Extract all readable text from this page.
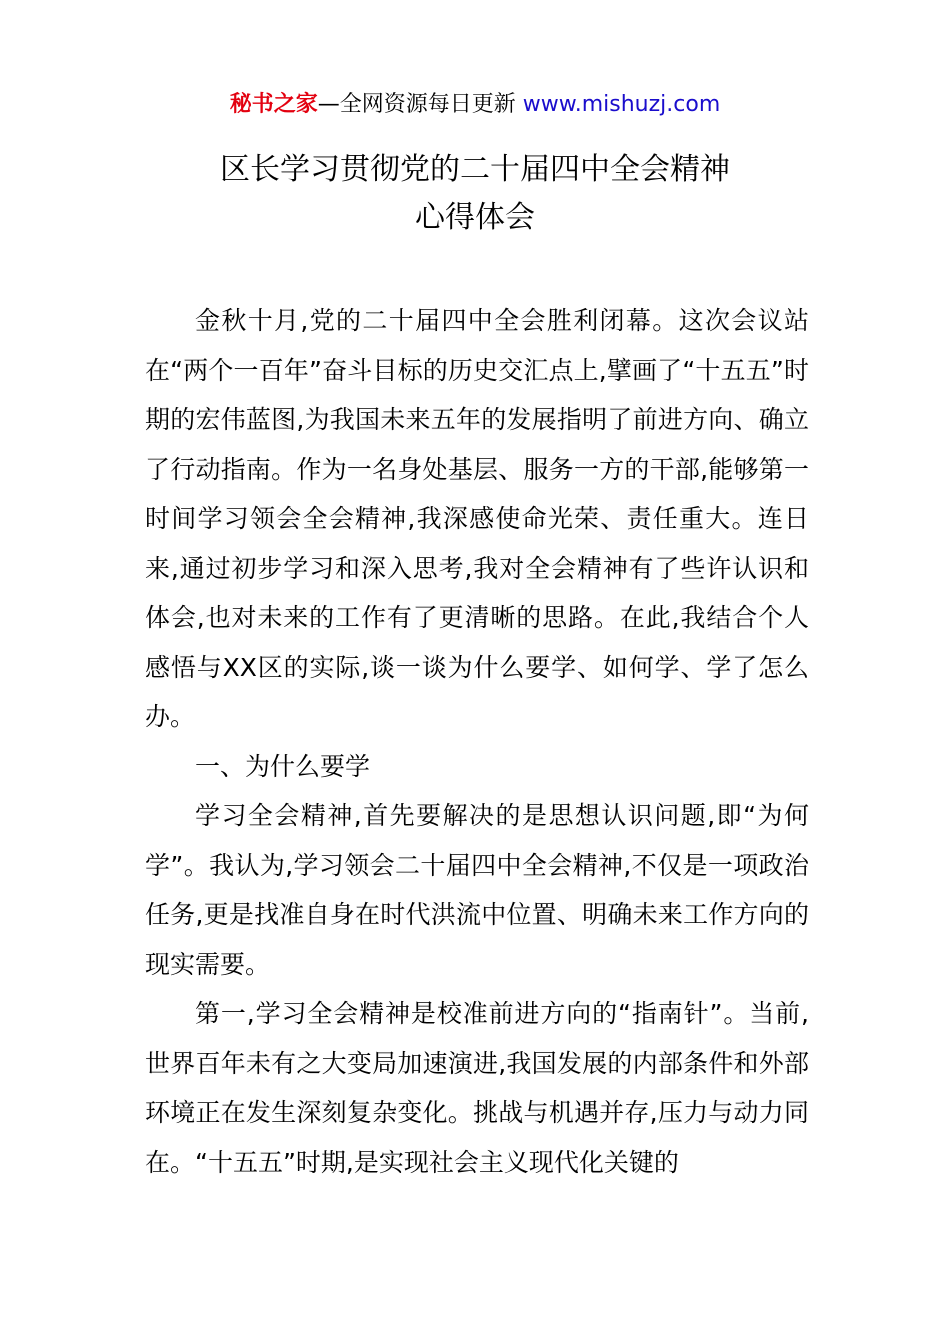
秘书之家—全网资源每日更新 www.mishuzj.com
区长学习贯彻党的二十届四中全会精神
心得体会

金秋十月,党的二十届四中全会胜利闭幕。这次会议站在“两个一百年”奋斗目标的历史交汇点上,擘画了“十五五”时期的宏伟蓝图,为我国未来五年的发展指明了前进方向、确立了行动指南。作为一名身处基层、服务一方的干部,能够第一时间学习领会全会精神,我深感使命光荣、责任重大。连日来,通过初步学习和深入思考,我对全会精神有了些许认识和体会,也对未来的工作有了更清晰的思路。在此,我结合个人感悟与XX区的实际,谈一谈为什么要学、如何学、学了怎么办。

一、为什么要学

学习全会精神,首先要解决的是思想认识问题,即“为何学”。我认为,学习领会二十届四中全会精神,不仅是一项政治任务,更是找准自身在时代洪流中位置、明确未来工作方向的现实需要。

第一,学习全会精神是校准前进方向的“指南针”。当前,世界百年未有之大变局加速演进,我国发展的内部条件和外部环境正在发生深刻复杂变化。挑战与机遇并存,压力与动力同在。“十五五”时期,是实现社会主义现代化关键的
